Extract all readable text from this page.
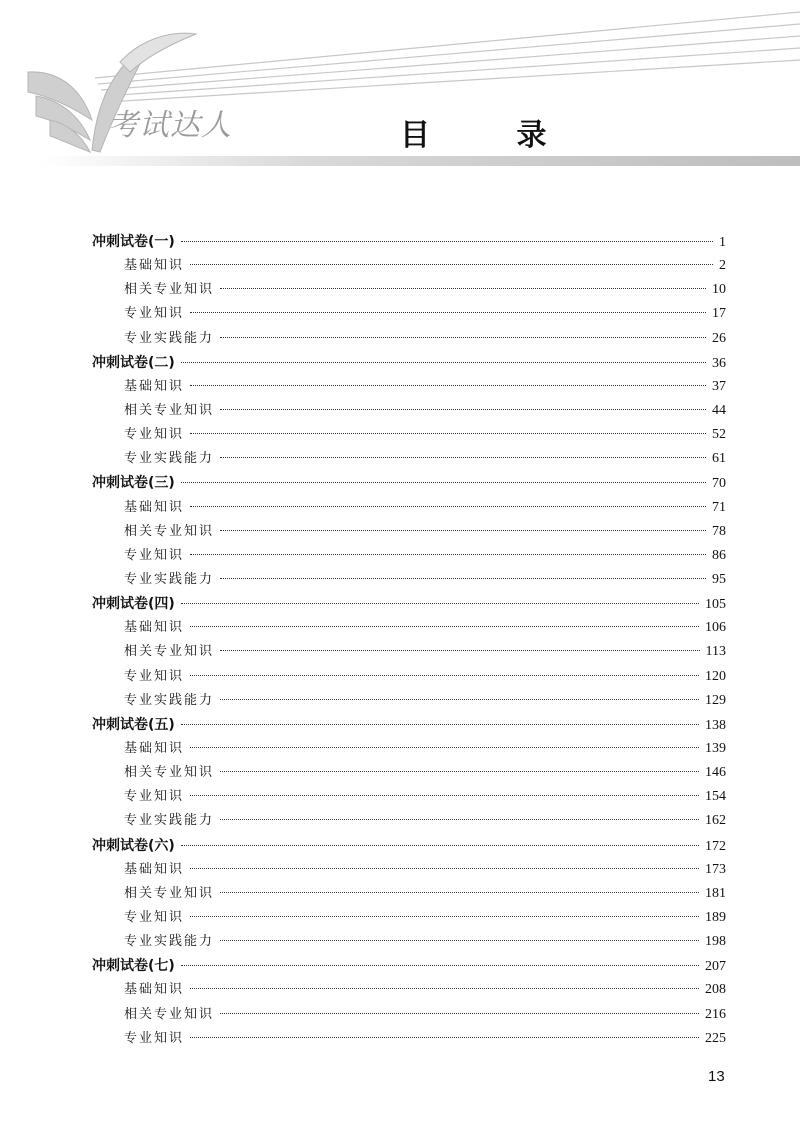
考试达人	目 录
冲刺试卷(一)	1
基础知识	2
相关专业知识	10
专业知识	17
专业实践能力	26
冲刺试卷(二)	36
基础知识	37
相关专业知识	44
专业知识	52
专业实践能力	61
冲刺试卷(三)	70
基础知识	71
相关专业知识	78
专业知识	86
专业实践能力	95
冲刺试卷(四)	105
基础知识	106
相关专业知识	113
专业知识	120
专业实践能力	129
冲刺试卷(五)	138
基础知识	139
相关专业知识	146
专业知识	154
专业实践能力	162
冲刺试卷(六)	172
基础知识	173
相关专业知识	181
专业知识	189
专业实践能力	198
冲刺试卷(七)	207
基础知识	208
相关专业知识	216
专业知识	225
13
